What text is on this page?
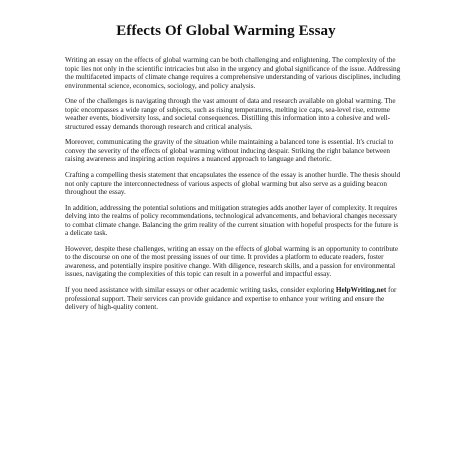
Effects Of Global Warming Essay

Writing an essay on the effects of global warming can be both challenging and enlightening. The complexity of the topic lies not only in the scientific intricacies but also in the urgency and global significance of the issue. Addressing the multifaceted impacts of climate change requires a comprehensive understanding of various disciplines, including environmental science, economics, sociology, and policy analysis.

One of the challenges is navigating through the vast amount of data and research available on global warming. The topic encompasses a wide range of subjects, such as rising temperatures, melting ice caps, sea-level rise, extreme weather events, biodiversity loss, and societal consequences. Distilling this information into a cohesive and well-structured essay demands thorough research and critical analysis.

Moreover, communicating the gravity of the situation while maintaining a balanced tone is essential. It's crucial to convey the severity of the effects of global warming without inducing despair. Striking the right balance between raising awareness and inspiring action requires a nuanced approach to language and rhetoric.

Crafting a compelling thesis statement that encapsulates the essence of the essay is another hurdle. The thesis should not only capture the interconnectedness of various aspects of global warming but also serve as a guiding beacon throughout the essay.

In addition, addressing the potential solutions and mitigation strategies adds another layer of complexity. It requires delving into the realms of policy recommendations, technological advancements, and behavioral changes necessary to combat climate change. Balancing the grim reality of the current situation with hopeful prospects for the future is a delicate task.

However, despite these challenges, writing an essay on the effects of global warming is an opportunity to contribute to the discourse on one of the most pressing issues of our time. It provides a platform to educate readers, foster awareness, and potentially inspire positive change. With diligence, research skills, and a passion for environmental issues, navigating the complexities of this topic can result in a powerful and impactful essay.

If you need assistance with similar essays or other academic writing tasks, consider exploring HelpWriting.net for professional support. Their services can provide guidance and expertise to enhance your writing and ensure the delivery of high-quality content.
